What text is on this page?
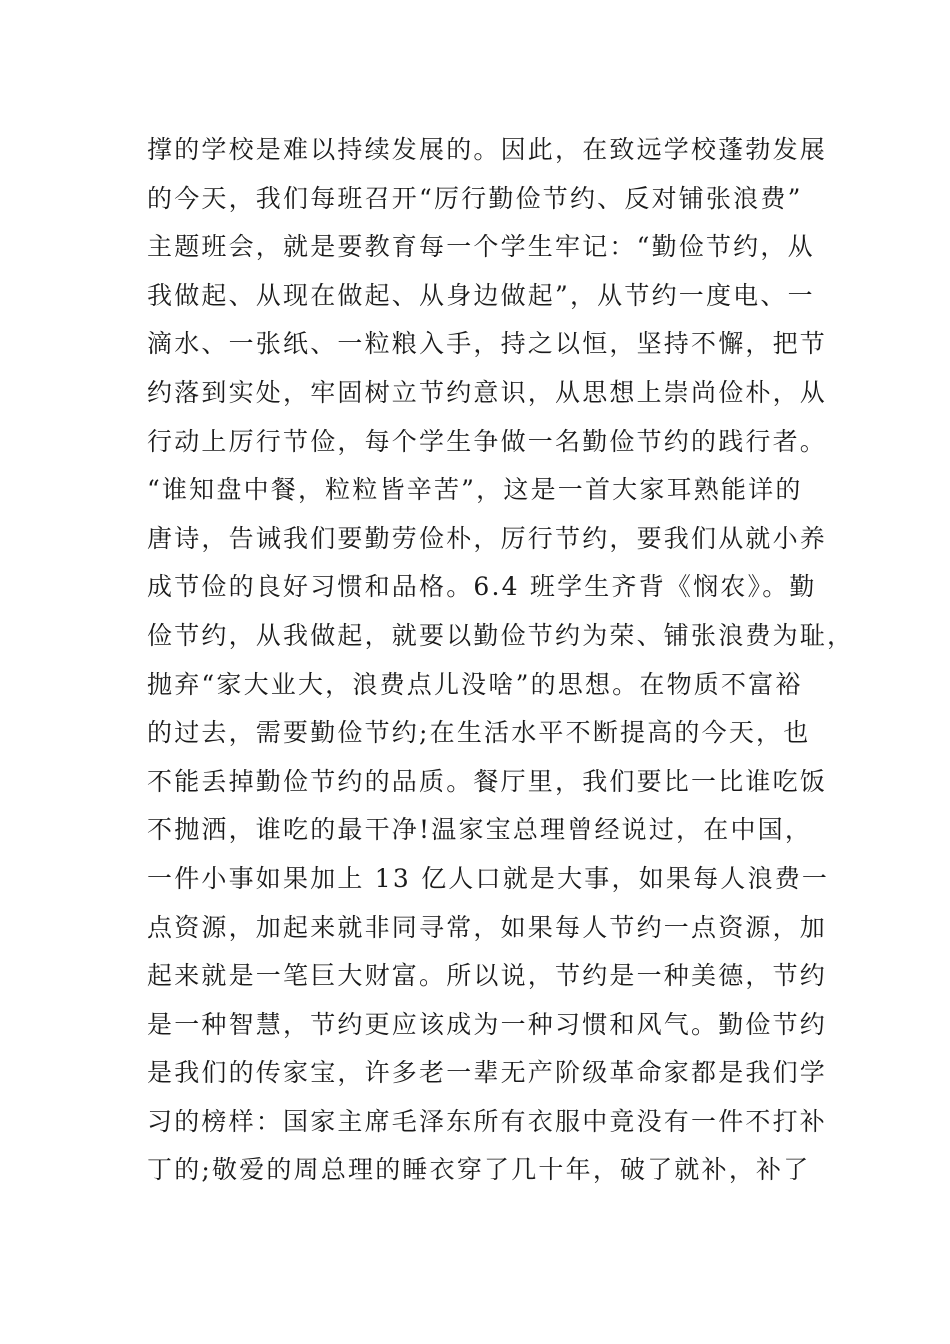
撑的学校是难以持续发展的。因此，在致远学校蓬勃发展
的今天，我们每班召开“厉行勤俭节约、反对铺张浪费”
主题班会，就是要教育每一个学生牢记：“勤俭节约，从
我做起、从现在做起、从身边做起”，从节约一度电、一
滴水、一张纸、一粒粮入手，持之以恒，坚持不懈，把节
约落到实处，牢固树立节约意识，从思想上崇尚俭朴，从
行动上厉行节俭，每个学生争做一名勤俭节约的践行者。
“谁知盘中餐，粒粒皆辛苦”，这是一首大家耳熟能详的
唐诗，告诫我们要勤劳俭朴，厉行节约，要我们从就小养
成节俭的良好习惯和品格。6.4 班学生齐背《悯农》。勤
俭节约，从我做起，就要以勤俭节约为荣、铺张浪费为耻，
抛弃“家大业大，浪费点儿没啥”的思想。在物质不富裕
的过去，需要勤俭节约;在生活水平不断提高的今天，也
不能丢掉勤俭节约的品质。餐厅里，我们要比一比谁吃饭
不抛洒，谁吃的最干净!温家宝总理曾经说过，在中国，
一件小事如果加上 13 亿人口就是大事，如果每人浪费一
点资源，加起来就非同寻常，如果每人节约一点资源，加
起来就是一笔巨大财富。所以说，节约是一种美德，节约
是一种智慧，节约更应该成为一种习惯和风气。勤俭节约
是我们的传家宝，许多老一辈无产阶级革命家都是我们学
习的榜样：国家主席毛泽东所有衣服中竟没有一件不打补
丁的;敬爱的周总理的睡衣穿了几十年，破了就补，补了
